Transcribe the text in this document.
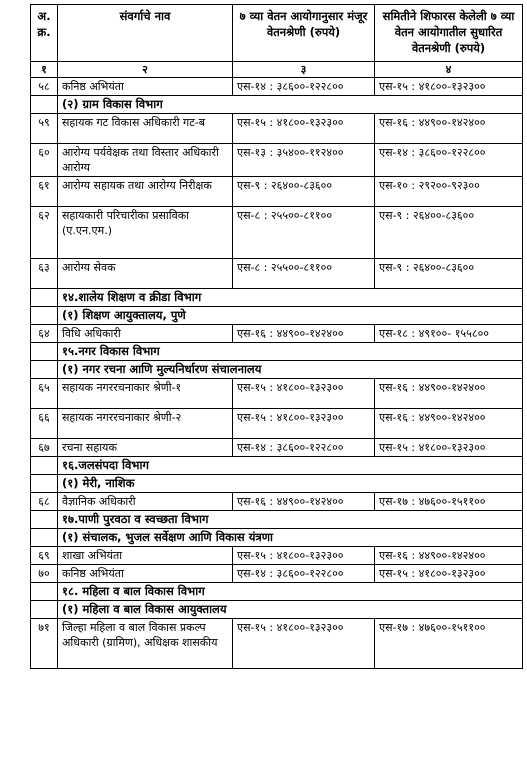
अ. क्र.	संवर्गाचे नाव	७ व्या वेतन आयोगानुसार मंजूर वेतनश्रेणी (रुपये)	समितीने शिफारस केलेली ७ व्या वेतन आयोगातील सुधारित वेतनश्रेणी (रुपये)
१	२	३	४
५८	कनिष्ठ अभियंता	एस-१४ : ३८६००-१२२८००	एस-१५ : ४१८००-१३२३००
	(२) ग्राम विकास विभाग		
५९	सहायक गट विकास अधिकारी गट-ब	एस-१५ : ४१८००-१३२३००	एस-१६ : ४४९००-१४२४००
६०	आरोग्य पर्यवेक्षक तथा विस्तार अधिकारी आरोग्य	एस-१३ : ३५४००-११२४००	एस-१४ : ३८६००-१२२८००
६१	आरोग्य सहायक तथा आरोग्य निरीक्षक	एस-९ : २६४००-८३६००	एस-१० : २९२००-९२३००
६२	सहायकारी परिचारीका प्रसाविका (ए.एन.एम.)	एस-८ : २५५००-८११००	एस-९ : २६४००-८३६००
६३	आरोग्य सेवक	एस-८ : २५५००-८११००	एस-९ : २६४००-८३६००
	१४.शालेय शिक्षण व क्रीडा विभाग		
	(१) शिक्षण आयुक्तालय, पुणे		
६४	विधि अधिकारी	एस-१६ : ४४९००-१४२४००	एस-१८ : ४९१००- १५५८००
	१५.नगर विकास विभाग		
	(१) नगर रचना आणि मुल्यनिर्धारण संचालनालय		
६५	सहायक नगररचनाकार श्रेणी-१	एस-१५ : ४१८००-१३२३००	एस-१६ : ४४९००-१४२४००
६६	सहायक नगररचनाकार श्रेणी-२	एस-१५ : ४१८००-१३२३००	एस-१६ : ४४९००-१४२४००
६७	रचना सहायक	एस-१४ : ३८६००-१२२८००	एस-१५ : ४१८००-१३२३००
	१६.जलसंपदा विभाग		
	(१) मेरी, नाशिक		
६८	वैज्ञानिक अधिकारी	एस-१६ : ४४९००-१४२४००	एस-१७ : ४७६००-१५११००
	१७.पाणी पुरवठा व स्वच्छता विभाग		
	(१) संचालक, भुजल सर्वेक्षण आणि विकास यंत्रणा		
६९	शाखा अभियंता	एस-१५ : ४१८००-१३२३००	एस-१६ : ४४९००-१४२४००
७०	कनिष्ठ अभियंता	एस-१४ : ३८६००-१२२८००	एस-१५ : ४१८००-१३२३००
	१८. महिला व बाल विकास विभाग		
	(१) महिला व बाल विकास आयुक्तालय		
७१	जिल्हा महिला व बाल विकास प्रकल्प अधिकारी (ग्रामिण), अधिक्षक शासकीय	एस-१५ : ४१८००-१३२३००	एस-१७ : ४७६००-१५११००
